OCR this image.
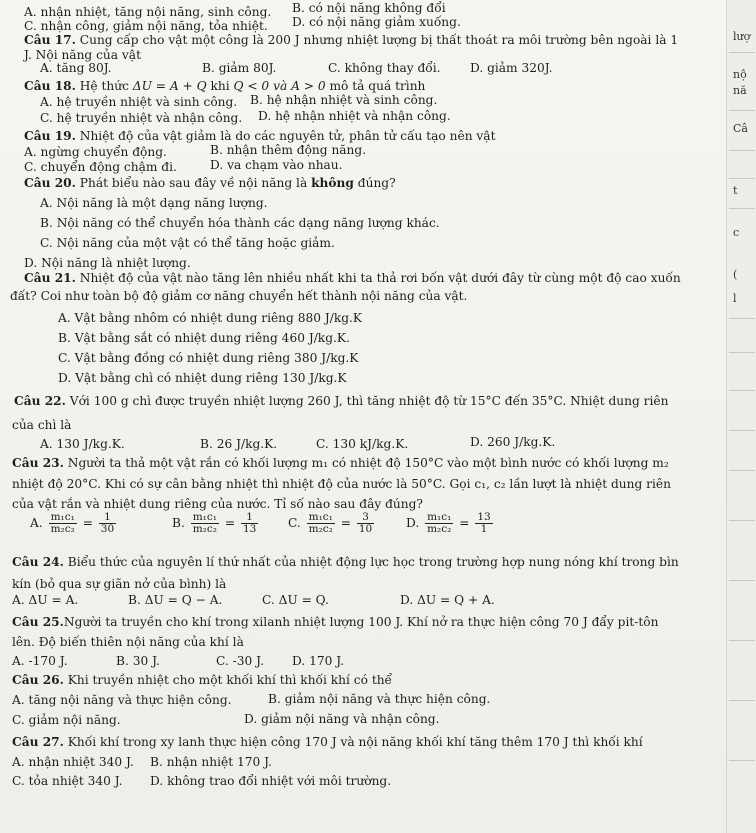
lượ
nộ
nă
Câ
t
c
(
l
A. nhận nhiệt, tăng nội năng, sinh công. B. có nội năng không đổi
C. nhận công, giảm nội năng, tỏa nhiệt. D. có nội năng giảm xuống.
Câu 17. Cung cấp cho vật một công là 200 J nhưng nhiệt lượng bị thất thoát ra môi trường bên ngoài là 1
J. Nội năng của vật
A. tăng 80J.	B. giảm 80J.	C. không thay đổi. D. giảm 320J.
Câu 18. Hệ thức ΔU = A + Q khi Q < 0 và A > 0 mô tả quá trình
A. hệ truyền nhiệt và sinh công. B. hệ nhận nhiệt và sinh công.
C. hệ truyền nhiệt và nhận công. D. hệ nhận nhiệt và nhận công.
Câu 19. Nhiệt độ của vật giảm là do các nguyên tử, phân tử cấu tạo nên vật
A. ngừng chuyển động.	B. nhận thêm động năng.
C. chuyển động chậm đi.	D. va chạm vào nhau.
Câu 20. Phát biểu nào sau đây về nội năng là không đúng?
A. Nội năng là một dạng năng lượng.
B. Nội năng có thể chuyển hóa thành các dạng năng lượng khác.
C. Nội năng của một vật có thể tăng hoặc giảm.
D. Nội năng là nhiệt lượng.
Câu 21. Nhiệt độ của vật nào tăng lên nhiều nhất khi ta thả rơi bốn vật dưới đây từ cùng một độ cao xuốn
đất? Coi như toàn bộ độ giảm cơ năng chuyển hết thành nội năng của vật.
A. Vật bằng nhôm có nhiệt dung riêng 880 J/kg.K
B. Vật bằng sắt có nhiệt dung riêng 460 J/kg.K.
C. Vật bằng đồng có nhiệt dung riêng 380 J/kg.K
D. Vật bằng chì có nhiệt dung riêng 130 J/kg.K
Câu 22. Với 100 g chì được truyền nhiệt lượng 260 J, thì tăng nhiệt độ từ 15°C đến 35°C. Nhiệt dung riên
của chì là
A. 130 J/kg.K.	B. 26 J/kg.K.	C. 130 kJ/kg.K.	D. 260 J/kg.K.
Câu 23. Người ta thả một vật rắn có khối lượng m₁ có nhiệt độ 150°C vào một bình nước có khối lượng m₂
nhiệt độ 20°C. Khi có sự cân bằng nhiệt thì nhiệt độ của nước là 50°C. Gọi c₁, c₂ lần lượt là nhiệt dung riên
của vật rắn và nhiệt dung riêng của nước. Tỉ số nào sau đây đúng?
A. $\frac{\text{m₁c₁}}{\text{m₂c₂}} = \frac{1}{30}$	B. $\frac{\text{m₁c₁}}{\text{m₂c₂}} = \frac{1}{13} C$. $\frac{\text{m₁c₁}}{\text{m₂c₂}} = \frac{3}{10}$	D. $\frac{\text{m₁c₁}}{\text{m₂c₂}} = \frac{13}{1}$
Câu 24. Biểu thức của nguyên lí thứ nhất của nhiệt động lực học trong trường hợp nung nóng khí trong bìn
kín (bỏ qua sự giãn nở của bình) là
A. ΔU = A.	B. ΔU = Q − A.	C. ΔU = Q.	D. ΔU = Q + A.
Câu 25.Người ta truyền cho khí trong xilanh nhiệt lượng 100 J. Khí nở ra thực hiện công 70 J đẩy pit-tôn
lên. Độ biến thiên nội năng của khí là
A. -170 J.	B. 30 J.	C. -30 J. D. 170 J.
Câu 26. Khi truyền nhiệt cho một khối khí thì khối khí có thể
A. tăng nội năng và thực hiện công.	B. giảm nội năng và thực hiện công.
C. giảm nội năng.	D. giảm nội năng và nhận công.
Câu 27. Khối khí trong xy lanh thực hiện công 170 J và nội năng khối khí tăng thêm 170 J thì khối khí
A. nhận nhiệt 340 J. B. nhận nhiệt 170 J.
C. tỏa nhiệt 340 J. D. không trao đổi nhiệt với môi trường.
